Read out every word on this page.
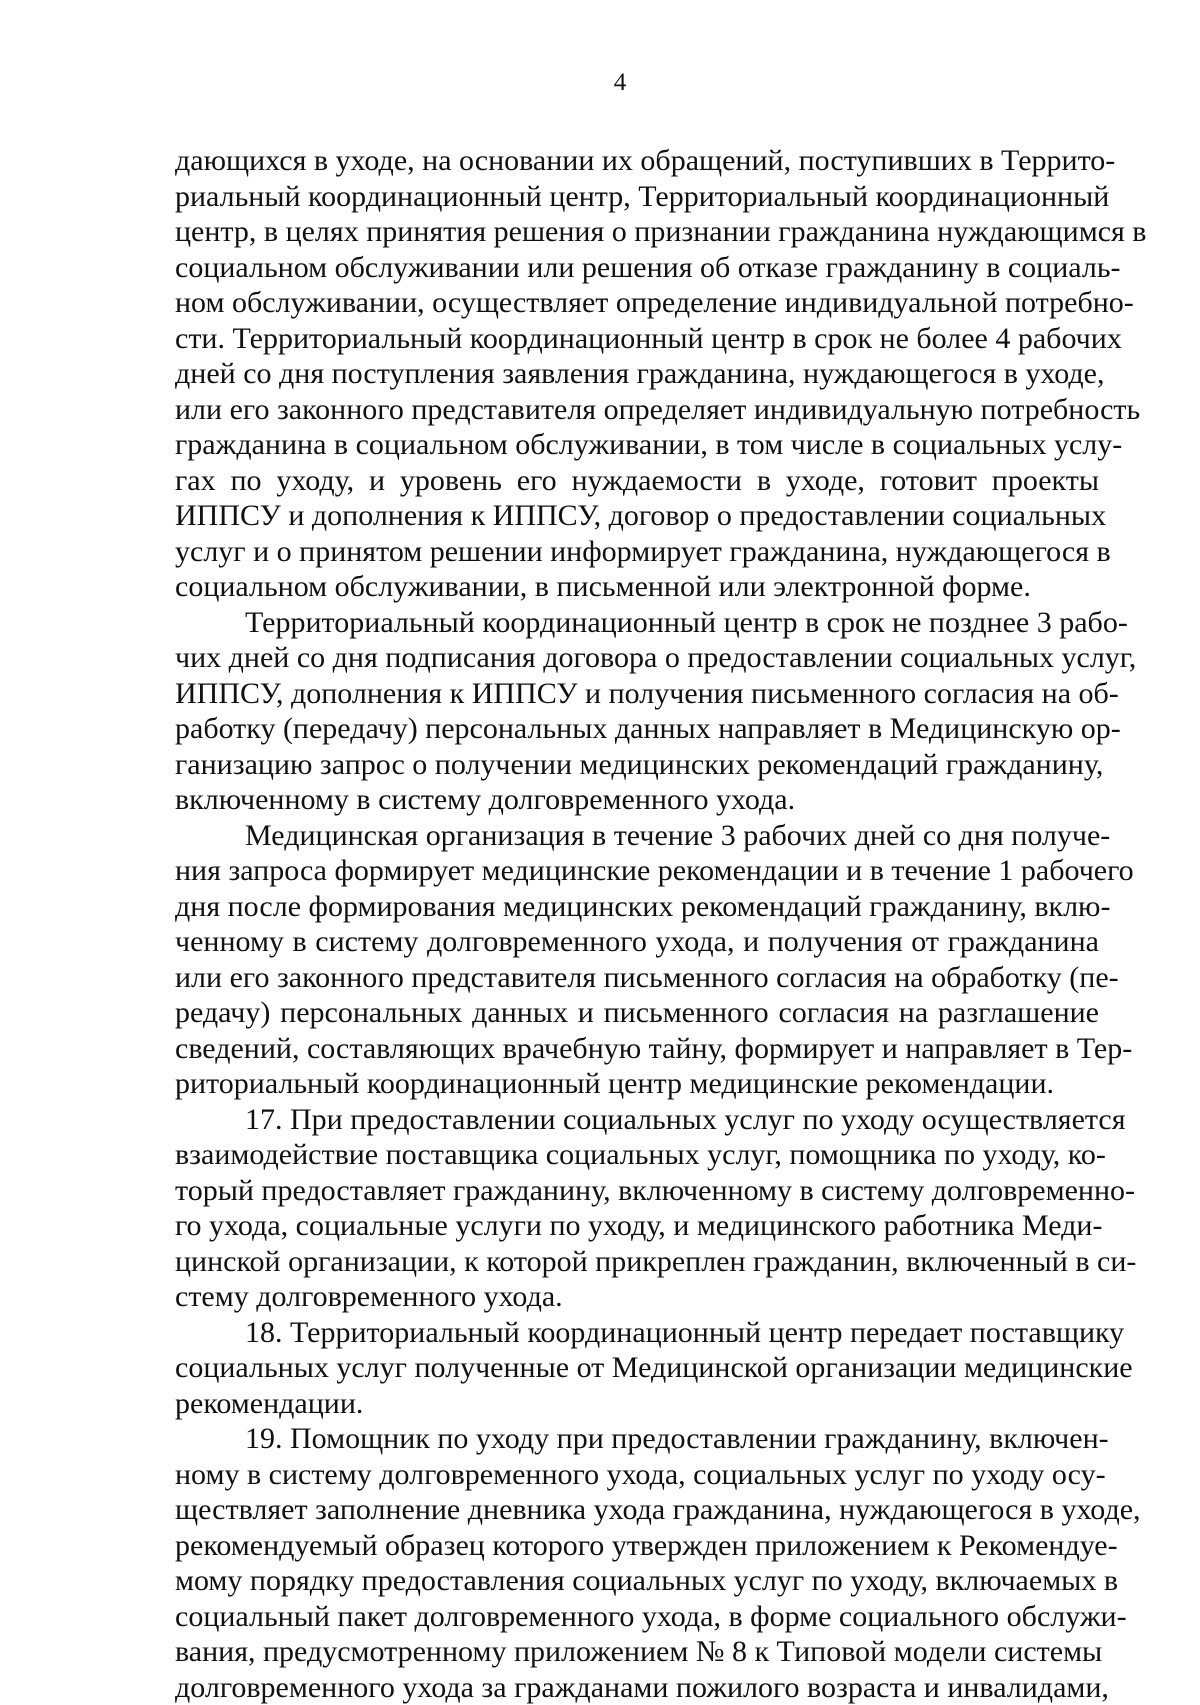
4

дающихся в уходе, на основании их обращений, поступивших в Террито-
риальный координационный центр, Территориальный координационный
центр, в целях принятия решения о признании гражданина нуждающимся в
социальном обслуживании или решения об отказе гражданину в социаль-
ном обслуживании, осуществляет определение индивидуальной потребно-
сти. Территориальный координационный центр в срок не более 4 рабочих
дней со дня поступления заявления гражданина, нуждающегося в уходе,
или его законного представителя определяет индивидуальную потребность
гражданина в социальном обслуживании, в том числе в социальных услу-
гах по уходу, и уровень его нуждаемости в уходе, готовит проекты
ИППСУ и дополнения к ИППСУ, договор о предоставлении социальных
услуг и о принятом решении информирует гражданина, нуждающегося в
социальном обслуживании, в письменной или электронной форме.

Территориальный координационный центр в срок не позднее 3 рабо-
чих дней со дня подписания договора о предоставлении социальных услуг,
ИППСУ, дополнения к ИППСУ и получения письменного согласия на об-
работку (передачу) персональных данных направляет в Медицинскую ор-
ганизацию запрос о получении медицинских рекомендаций гражданину,
включенному в систему долговременного ухода.

Медицинская организация в течение 3 рабочих дней со дня получе-
ния запроса формирует медицинские рекомендации и в течение 1 рабочего
дня после формирования медицинских рекомендаций гражданину, вклю-
ченному в систему долговременного ухода, и получения от гражданина
или его законного представителя письменного согласия на обработку (пе-
редачу) персональных данных и письменного согласия на разглашение
сведений, составляющих врачебную тайну, формирует и направляет в Тер-
риториальный координационный центр медицинские рекомендации.

17. При предоставлении социальных услуг по уходу осуществляется
взаимодействие поставщика социальных услуг, помощника по уходу, ко-
торый предоставляет гражданину, включенному в систему долговременно-
го ухода, социальные услуги по уходу, и медицинского работника Меди-
цинской организации, к которой прикреплен гражданин, включенный в си-
стему долговременного ухода.

18. Территориальный координационный центр передает поставщику
социальных услуг полученные от Медицинской организации медицинские
рекомендации.

19. Помощник по уходу при предоставлении гражданину, включен-
ному в систему долговременного ухода, социальных услуг по уходу осу-
ществляет заполнение дневника ухода гражданина, нуждающегося в уходе,
рекомендуемый образец которого утвержден приложением к Рекомендуе-
мому порядку предоставления социальных услуг по уходу, включаемых в
социальный пакет долговременного ухода, в форме социального обслужи-
вания, предусмотренному приложением № 8 к Типовой модели системы
долговременного ухода за гражданами пожилого возраста и инвалидами,
